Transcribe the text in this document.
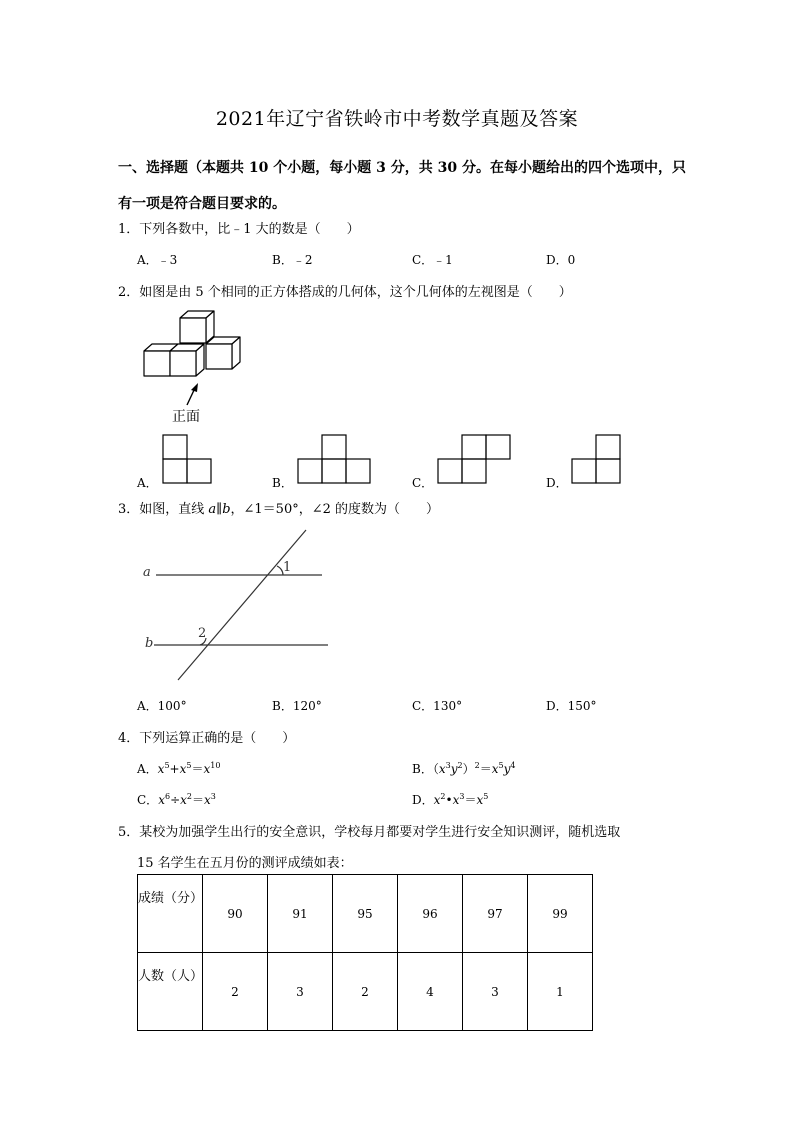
2021年辽宁省铁岭市中考数学真题及答案
一、选择题（本题共 10 个小题，每小题 3 分，共 30 分。在每小题给出的四个选项中，只
有一项是符合题目要求的。
1．下列各数中，比﹣1 大的数是（　　）
A．﹣3	B．﹣2	C．﹣1	D．0
2．如图是由 5 个相同的正方体搭成的几何体，这个几何体的左视图是（　　）
正面
A．	B．	C．	D．
3．如图，直线 a∥b，∠1＝50°，∠2 的度数为（　　）
a
b
1
2
A．100°	B．120°	C．130°	D．150°
4．下列运算正确的是（　　）
A．$x^5+x^5=x^{10}$	B．$(x^3y^2)^2=x^5y^4$
C．$x^6\div x^2=x^3$	D．$x^2•x^3=x^5$
5．某校为加强学生出行的安全意识，学校每月都要对学生进行安全知识测评，随机选取
15 名学生在五月份的测评成绩如表：
成绩（分）	90	91	95	96	97	99
人数（人）	2	3	2	4	3	1
